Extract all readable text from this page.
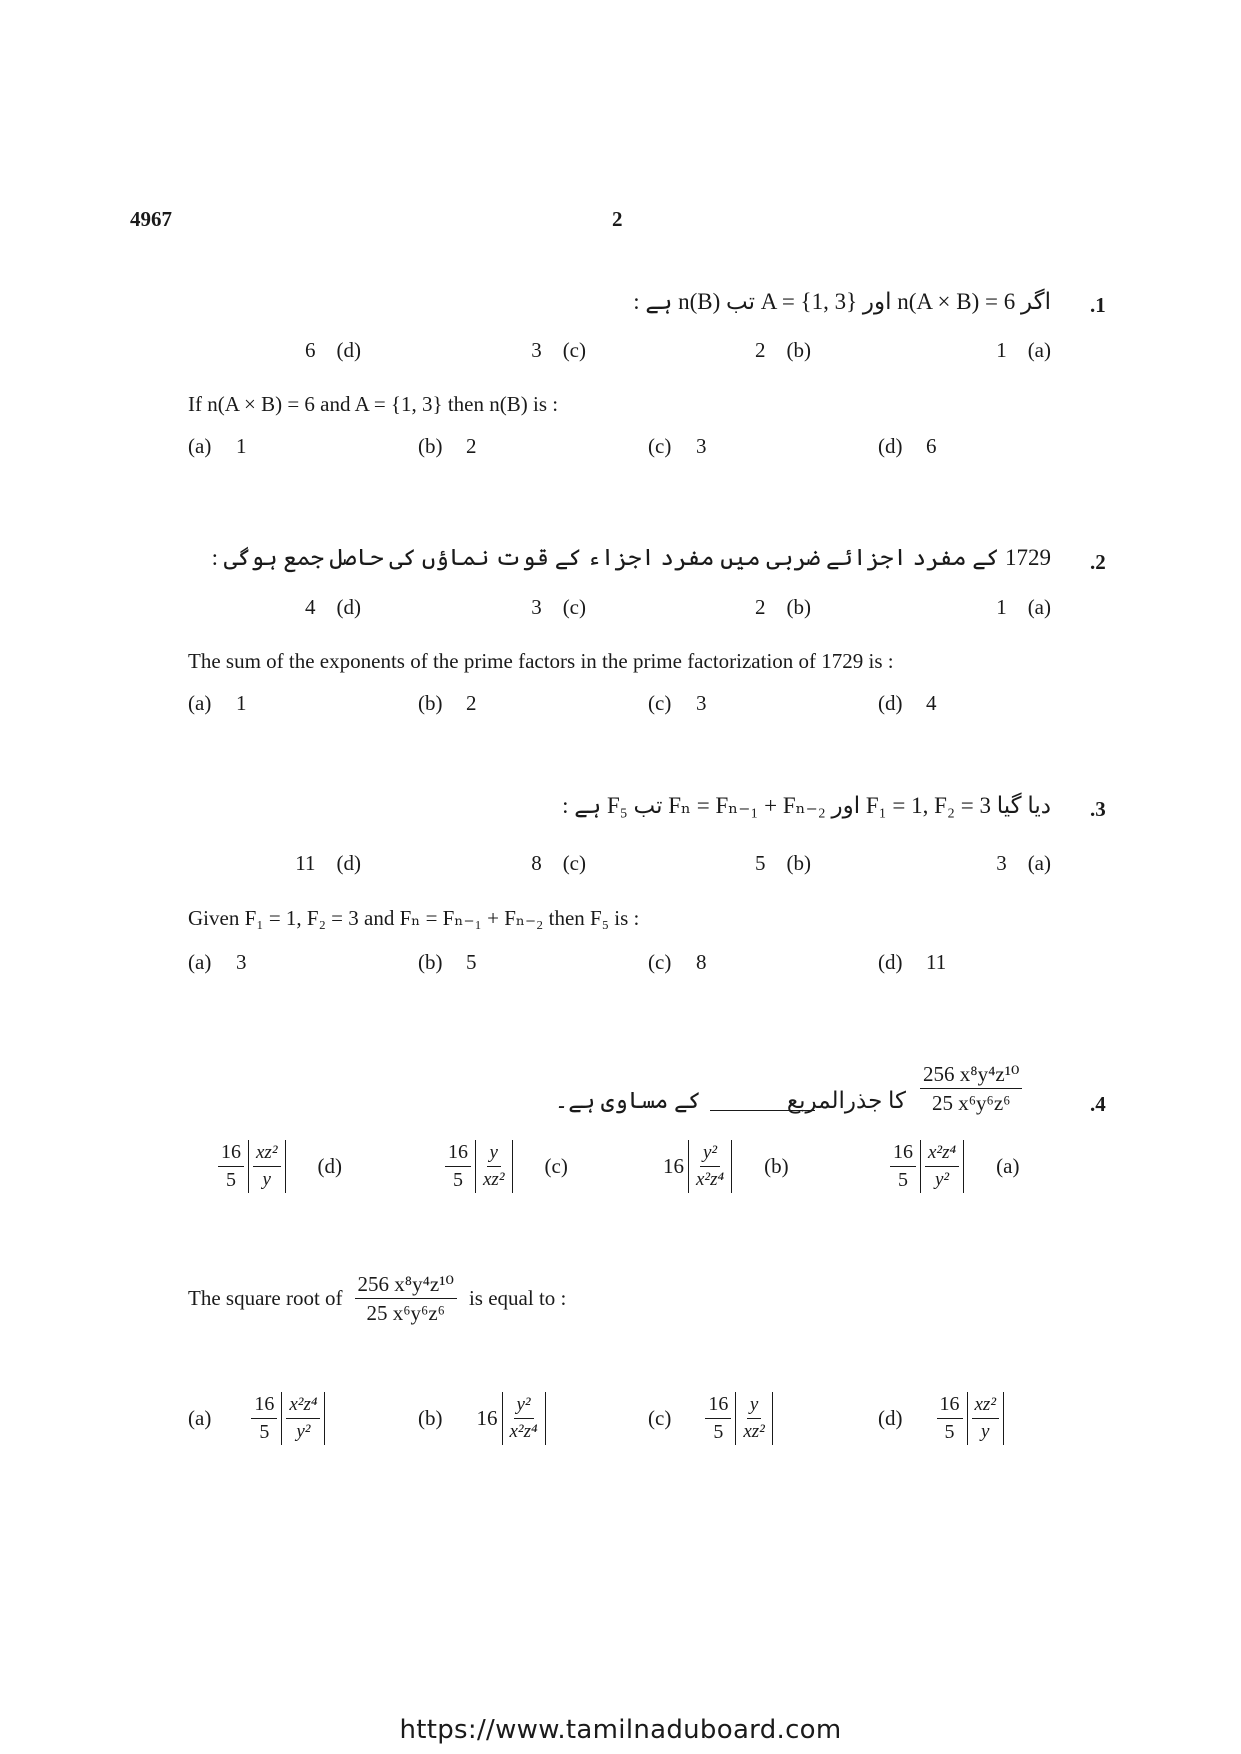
4967	2
.1
اگر n(A × B) = 6 اور A = {1, 3} تب n(B) ہے :
1 (a)
2 (b)
3 (c)
6 (d)
If n(A × B) = 6 and A = {1, 3} then n(B) is :
(a) 1	(b) 2	(c) 3	(d) 6
.2
1729 کے مفرد اجزائے ضربی میں مفرد اجزاء کے قوت نماؤں کی حاصل جمع ہوگی :
1 (a)
2 (b)
3 (c)
4 (d)
The sum of the exponents of the prime factors in the prime factorization of 1729 is :
(a) 1	(b) 2	(c) 3	(d) 4
.3
دیا گیا F₁ = 1, F₂ = 3 اور Fₙ = Fₙ₋₁ + Fₙ₋₂ تب F₅ ہے :
3 (a)
5 (b)
8 (c)
11 (d)
Given F₁ = 1, F₂ = 3 and Fₙ = Fₙ₋₁ + Fₙ₋₂ then F₅ is :
(a) 3	(b) 5	(c) 8	(d) 11
.4
$\frac{\text{256 x⁸y⁴z¹⁰}}{\text{25 x⁶y⁶z⁶}}$
کا جذرالمربع
کے مساوی ہے۔
$\frac{16}{5} \frac{\text{x²z⁴}}{\text{y²}} (a)$
$16 \frac{\text{y²}}{\text{x²z⁴}} (b)$
$\frac{16}{5} \frac{y}{\text{xz²}} (c)$
$\frac{16}{5} \frac{\text{xz²}}{y} (d)$
The square root of $\frac{\text{256 x⁸y⁴z¹⁰}}{\text{25 x⁶y⁶z⁶}}$ is equal to :
$(a) \frac{16}{5} \frac{\text{x²z⁴}}{\text{y²}}$	(b) $16 \frac{\text{y²}}{\text{x²z⁴}}$	$(c) \frac{16}{5} \frac{y}{\text{xz²}}$	$(d) \frac{16}{5} \frac{\text{xz²}}{y}$
https://www.tamilnaduboard.com
